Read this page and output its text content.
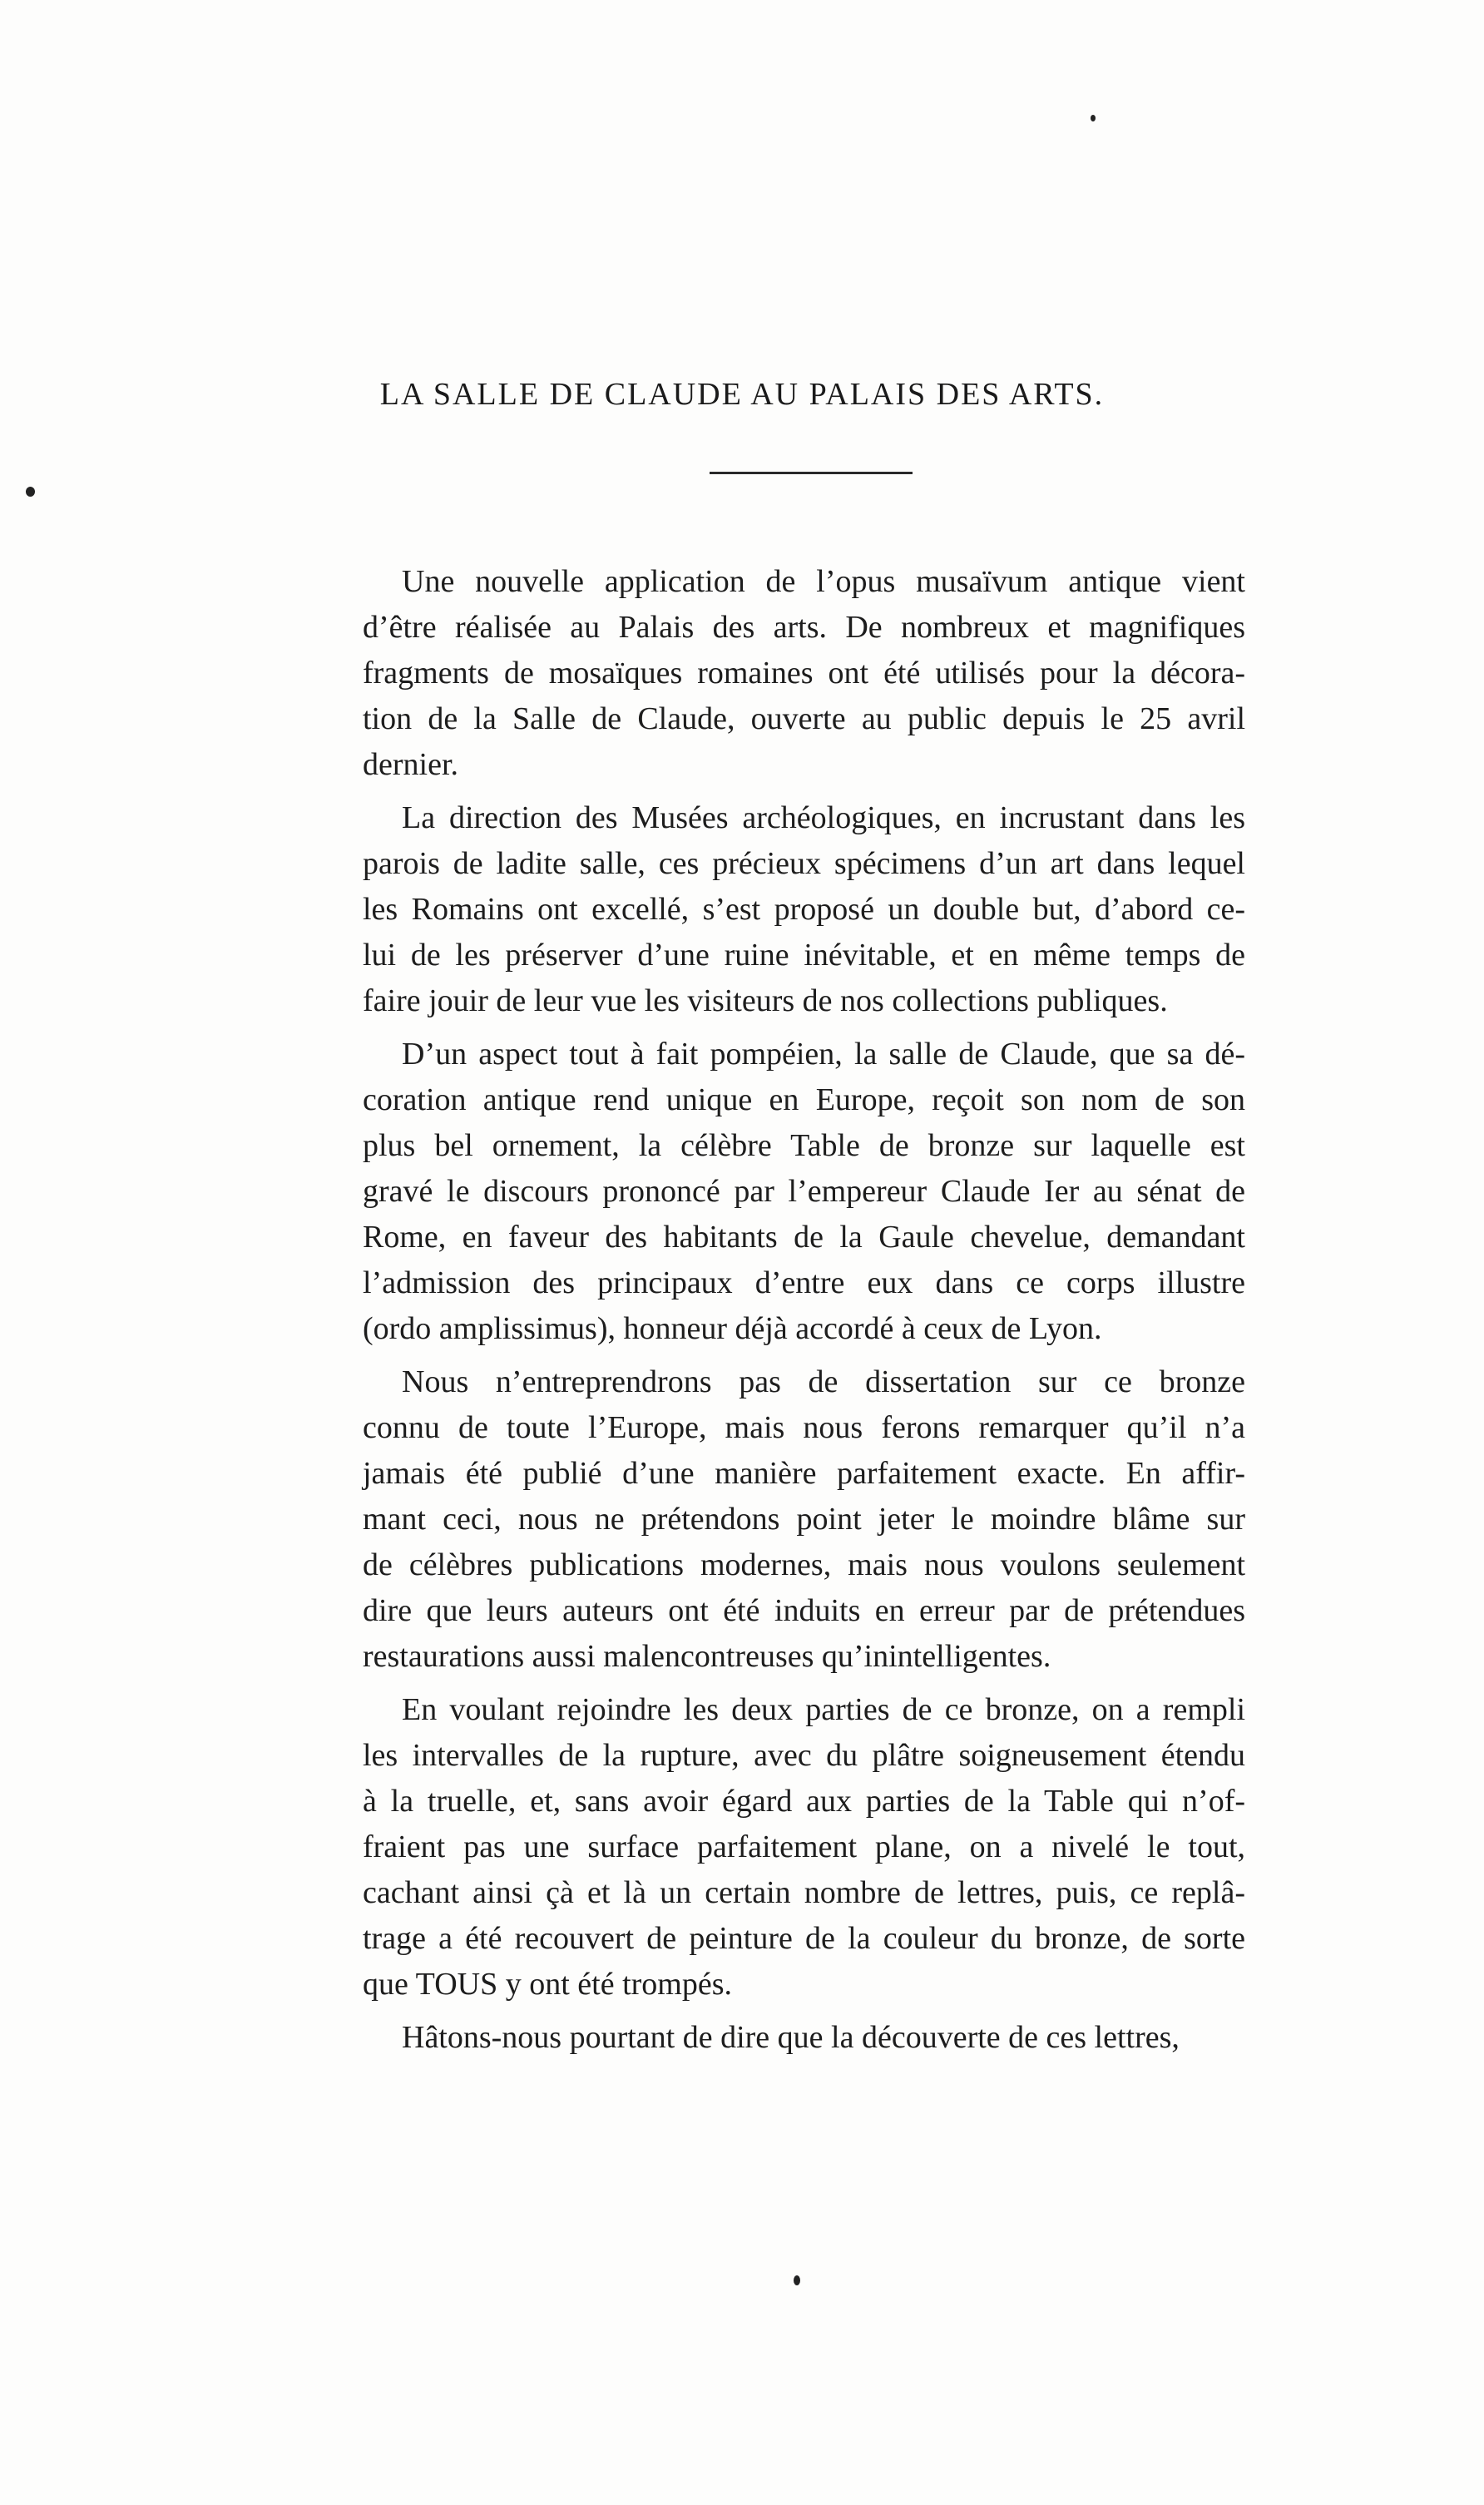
LA SALLE DE CLAUDE AU PALAIS DES ARTS.
Une nouvelle application de l’opus musaïvum antique vient
d’être réalisée au Palais des arts. De nombreux et magnifiques
fragments de mosaïques romaines ont été utilisés pour la décora-
tion de la Salle de Claude, ouverte au public depuis le 25 avril
dernier.
La direction des Musées archéologiques, en incrustant dans les
parois de ladite salle, ces précieux spécimens d’un art dans lequel
les Romains ont excellé, s’est proposé un double but, d’abord ce-
lui de les préserver d’une ruine inévitable, et en même temps de
faire jouir de leur vue les visiteurs de nos collections publiques.
D’un aspect tout à fait pompéien, la salle de Claude, que sa dé-
coration antique rend unique en Europe, reçoit son nom de son
plus bel ornement, la célèbre Table de bronze sur laquelle est
gravé le discours prononcé par l’empereur Claude Ier au sénat de
Rome, en faveur des habitants de la Gaule chevelue, demandant
l’admission des principaux d’entre eux dans ce corps illustre
(ordo amplissimus), honneur déjà accordé à ceux de Lyon.
Nous n’entreprendrons pas de dissertation sur ce bronze
connu de toute l’Europe, mais nous ferons remarquer qu’il n’a
jamais été publié d’une manière parfaitement exacte. En affir-
mant ceci, nous ne prétendons point jeter le moindre blâme sur
de célèbres publications modernes, mais nous voulons seulement
dire que leurs auteurs ont été induits en erreur par de prétendues
restaurations aussi malencontreuses qu’inintelligentes.
En voulant rejoindre les deux parties de ce bronze, on a rempli
les intervalles de la rupture, avec du plâtre soigneusement étendu
à la truelle, et, sans avoir égard aux parties de la Table qui n’of-
fraient pas une surface parfaitement plane, on a nivelé le tout,
cachant ainsi çà et là un certain nombre de lettres, puis, ce replâ-
trage a été recouvert de peinture de la couleur du bronze, de sorte
que TOUS y ont été trompés.
Hâtons-nous pourtant de dire que la découverte de ces lettres,
